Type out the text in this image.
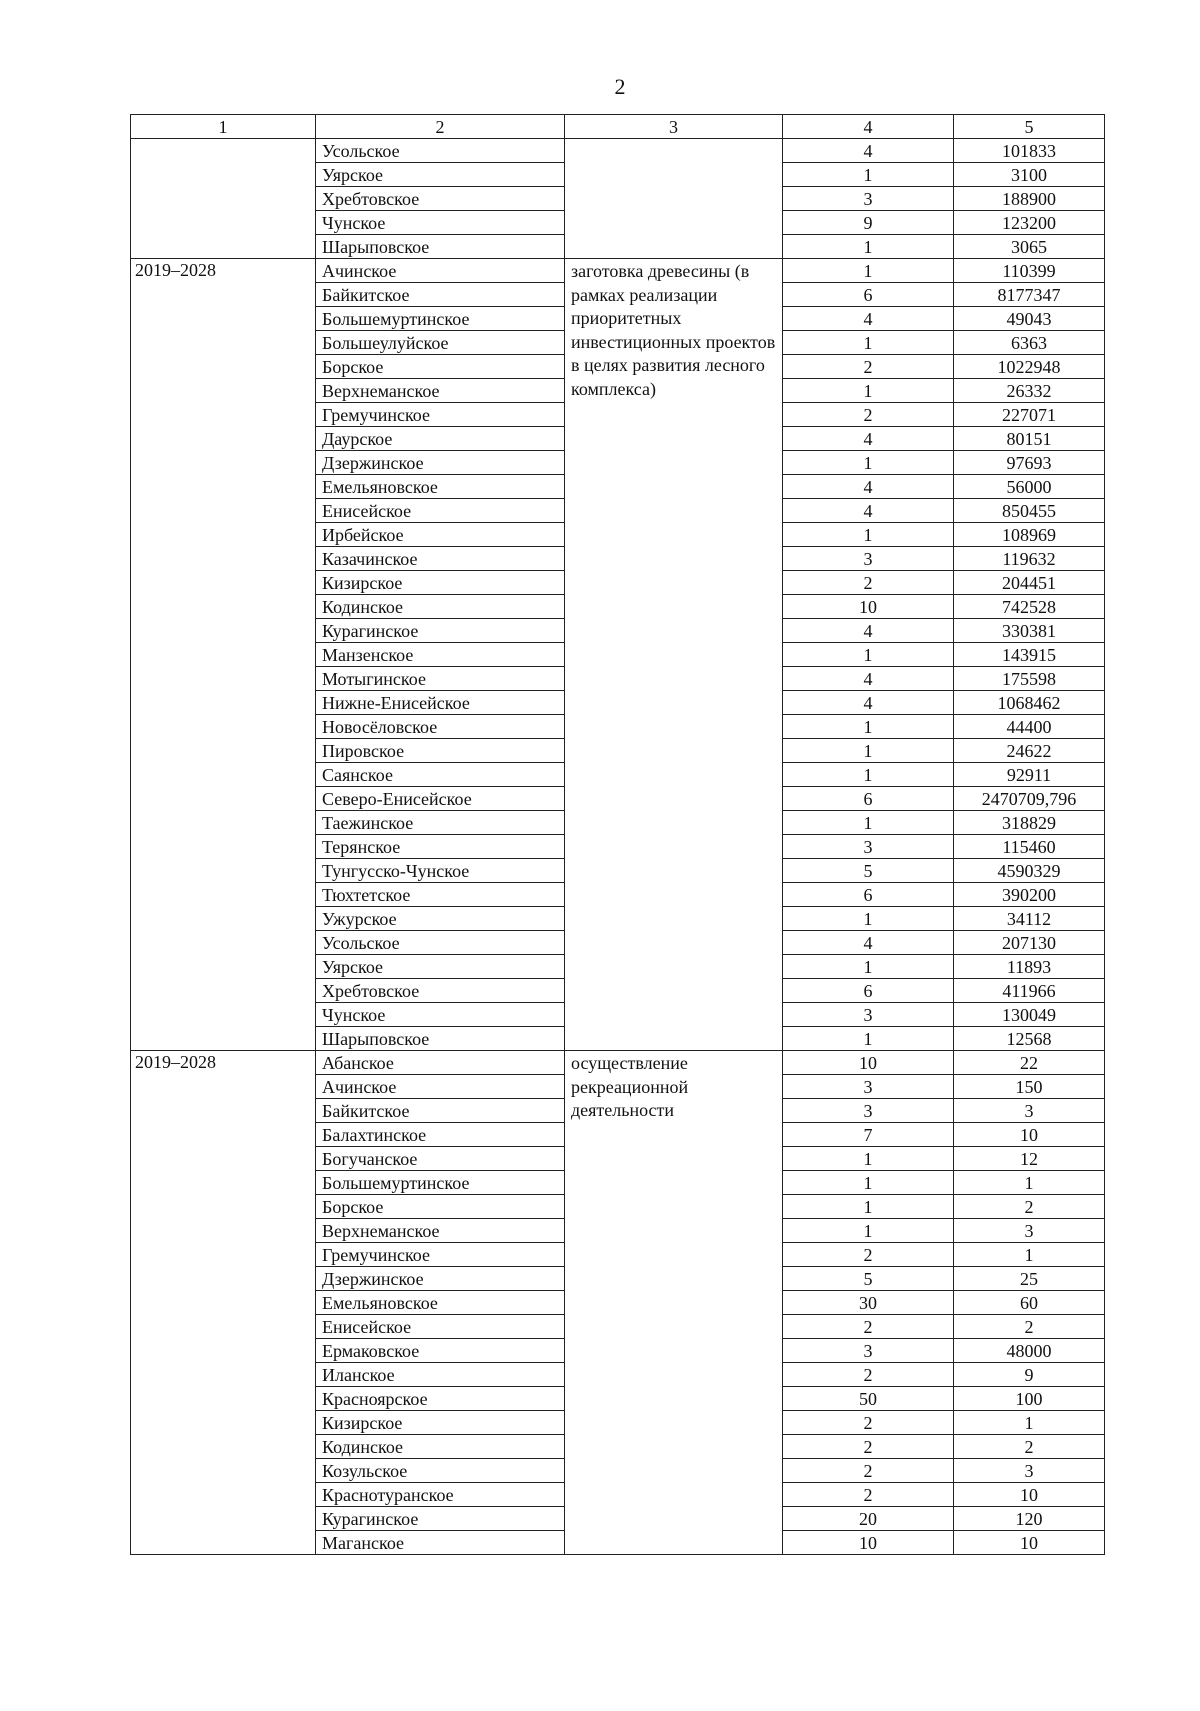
2
1	2	3	4	5
	Усольское		4	101833
	Уярское		1	3100
	Хребтовское		3	188900
	Чунское		9	123200
	Шарыповское		1	3065
2019–2028	Ачинское	заготовка древесины (в рамках реализации приоритетных инвестиционных проектов в целях развития лесного комплекса)	1	110399
	Байкитское		6	8177347
	Большемуртинское		4	49043
	Большеулуйское		1	6363
	Борское		2	1022948
	Верхнеманское		1	26332
	Гремучинское		2	227071
	Даурское		4	80151
	Дзержинское		1	97693
	Емельяновское		4	56000
	Енисейское		4	850455
	Ирбейское		1	108969
	Казачинское		3	119632
	Кизирское		2	204451
	Кодинское		10	742528
	Курагинское		4	330381
	Манзенское		1	143915
	Мотыгинское		4	175598
	Нижне-Енисейское		4	1068462
	Новосёловское		1	44400
	Пировское		1	24622
	Саянское		1	92911
	Северо-Енисейское		6	2470709,796
	Таежинское		1	318829
	Терянское		3	115460
	Тунгусско-Чунское		5	4590329
	Тюхтетское		6	390200
	Ужурское		1	34112
	Усольское		4	207130
	Уярское		1	11893
	Хребтовское		6	411966
	Чунское		3	130049
	Шарыповское		1	12568
2019–2028	Абанское	осуществление рекреационной деятельности	10	22
	Ачинское		3	150
	Байкитское		3	3
	Балахтинское		7	10
	Богучанское		1	12
	Большемуртинское		1	1
	Борское		1	2
	Верхнеманское		1	3
	Гремучинское		2	1
	Дзержинское		5	25
	Емельяновское		30	60
	Енисейское		2	2
	Ермаковское		3	48000
	Иланское		2	9
	Красноярское		50	100
	Кизирское		2	1
	Кодинское		2	2
	Козульское		2	3
	Краснотуранское		2	10
	Курагинское		20	120
	Маганское		10	10
